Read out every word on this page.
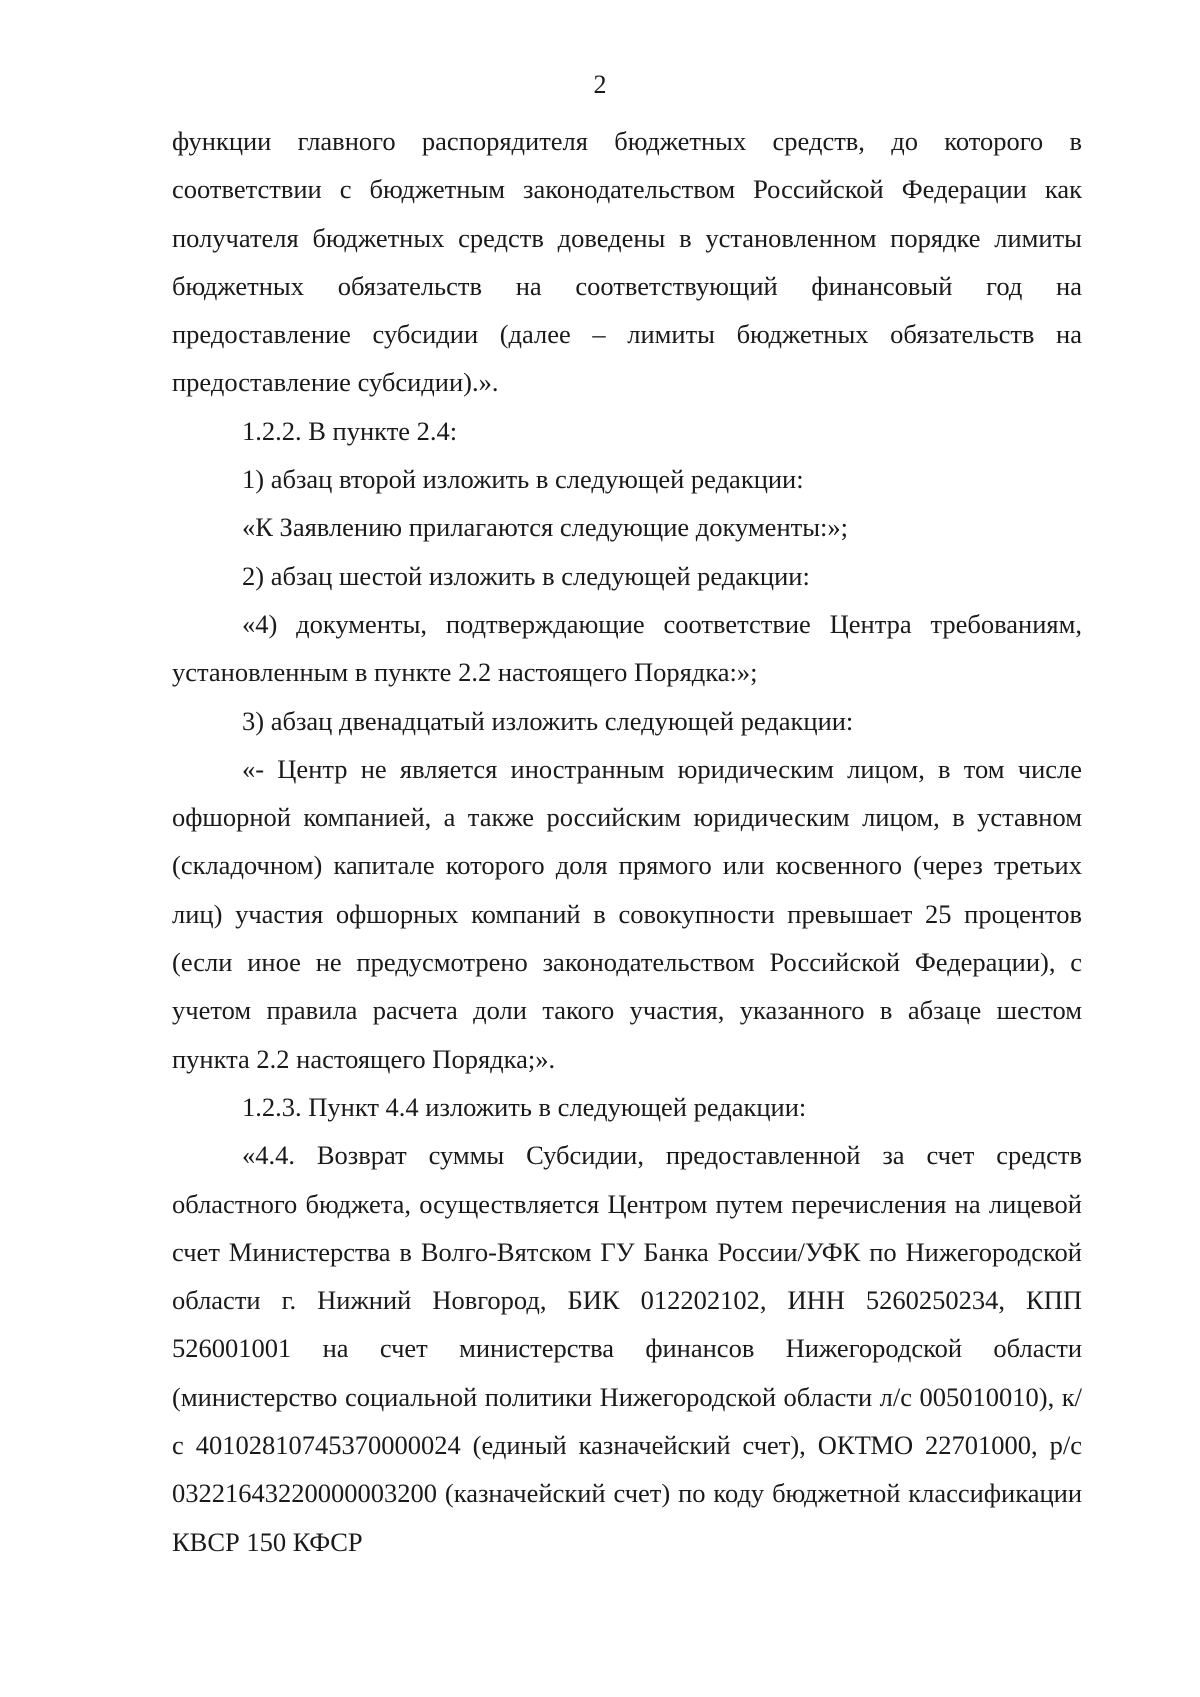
2

функции главного распорядителя бюджетных средств, до которого в соответствии с бюджетным законодательством Российской Федерации как получателя бюджетных средств доведены в установленном порядке лимиты бюджетных обязательств на соответствующий финансовый год на предоставление субсидии (далее – лимиты бюджетных обязательств на предоставление субсидии).».

1.2.2. В пункте 2.4:

1) абзац второй изложить в следующей редакции:

«К Заявлению прилагаются следующие документы:»;

2) абзац шестой изложить в следующей редакции:

«4) документы, подтверждающие соответствие Центра требованиям, установленным в пункте 2.2 настоящего Порядка:»;

3) абзац двенадцатый изложить следующей редакции:

«- Центр не является иностранным юридическим лицом, в том числе офшорной компанией, а также российским юридическим лицом, в уставном (складочном) капитале которого доля прямого или косвенного (через третьих лиц) участия офшорных компаний в совокупности превышает 25 процентов (если иное не предусмотрено законодательством Российской Федерации), с учетом правила расчета доли такого участия, указанного в абзаце шестом пункта 2.2 настоящего Порядка;».

1.2.3. Пункт 4.4 изложить в следующей редакции:

«4.4. Возврат суммы Субсидии, предоставленной за счет средств областного бюджета, осуществляется Центром путем перечисления на лицевой счет Министерства в Волго-Вятском ГУ Банка России/УФК по Нижегородской области г. Нижний Новгород, БИК 012202102, ИНН 5260250234, КПП 526001001 на счет министерства финансов Нижегородской области (министерство социальной политики Нижегородской области л/с 005010010), к/с 40102810745370000024 (единый казначейский счет), ОКТМО 22701000, р/с 03221643220000003200 (казначейский счет) по коду бюджетной классификации КВСР 150 КФСР
